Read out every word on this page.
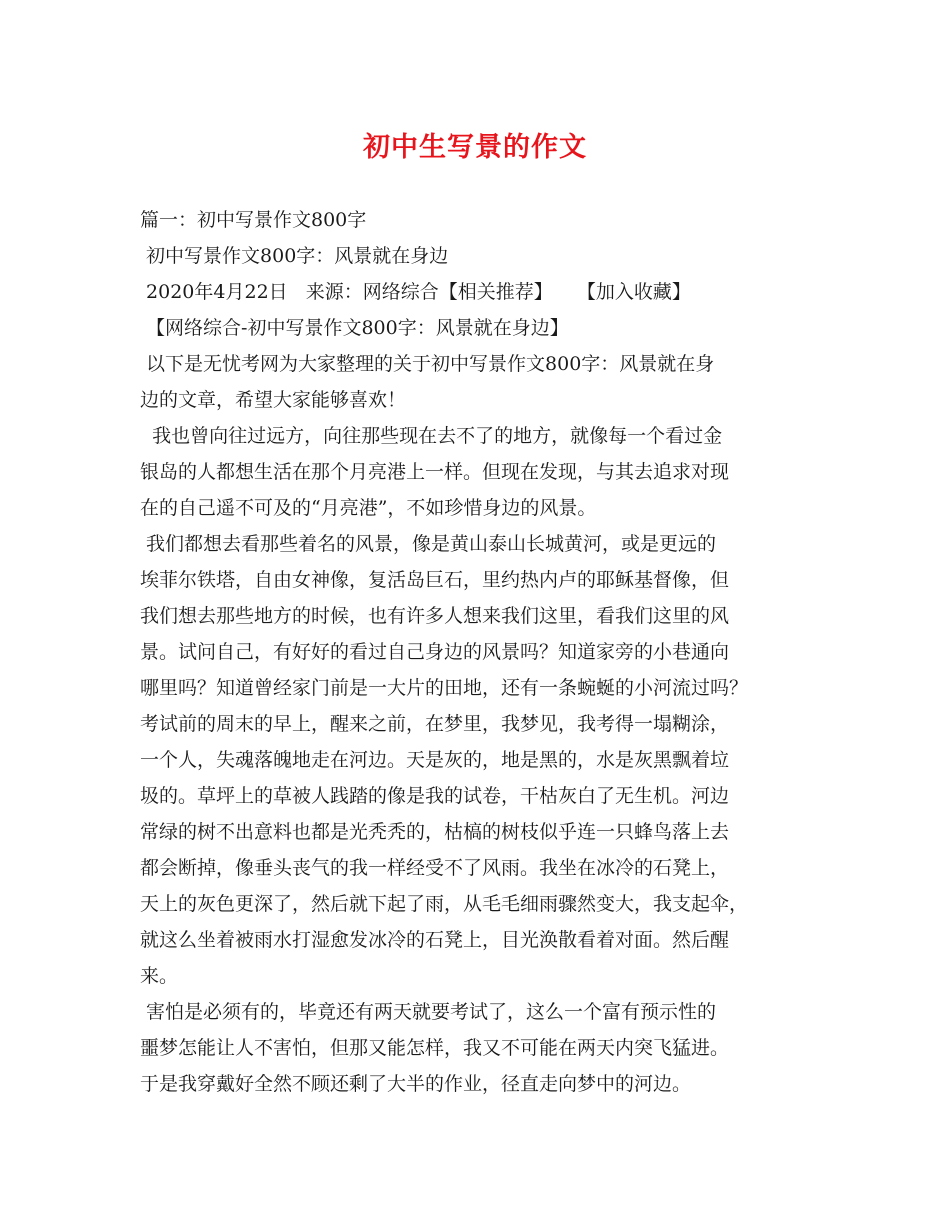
初中生写景的作文
篇一：初中写景作文800字
初中写景作文800字：风景就在身边
2020年4月22日   来源：网络综合【相关推荐】    【加入收藏】
【网络综合-初中写景作文800字：风景就在身边】
以下是无忧考网为大家整理的关于初中写景作文800字：风景就在身
边的文章，希望大家能够喜欢！
我也曾向往过远方，向往那些现在去不了的地方，就像每一个看过金
银岛的人都想生活在那个月亮港上一样。但现在发现，与其去追求对现
在的自己遥不可及的“月亮港”，不如珍惜身边的风景。
我们都想去看那些着名的风景，像是黄山泰山长城黄河，或是更远的
埃菲尔铁塔，自由女神像，复活岛巨石，里约热内卢的耶稣基督像，但
我们想去那些地方的时候，也有许多人想来我们这里，看我们这里的风
景。试问自己，有好好的看过自己身边的风景吗？知道家旁的小巷通向
哪里吗？知道曾经家门前是一大片的田地，还有一条蜿蜒的小河流过吗？
考试前的周末的早上，醒来之前，在梦里，我梦见，我考得一塌糊涂，
一个人，失魂落魄地走在河边。天是灰的，地是黑的，水是灰黑飘着垃
圾的。草坪上的草被人践踏的像是我的试卷，干枯灰白了无生机。河边
常绿的树不出意料也都是光秃秃的，枯槁的树枝似乎连一只蜂鸟落上去
都会断掉，像垂头丧气的我一样经受不了风雨。我坐在冰冷的石凳上，
天上的灰色更深了，然后就下起了雨，从毛毛细雨骤然变大，我支起伞，
就这么坐着被雨水打湿愈发冰冷的石凳上，目光涣散看着对面。然后醒
来。
害怕是必须有的，毕竟还有两天就要考试了，这么一个富有预示性的
噩梦怎能让人不害怕，但那又能怎样，我又不可能在两天内突飞猛进。
于是我穿戴好全然不顾还剩了大半的作业，径直走向梦中的河边。
